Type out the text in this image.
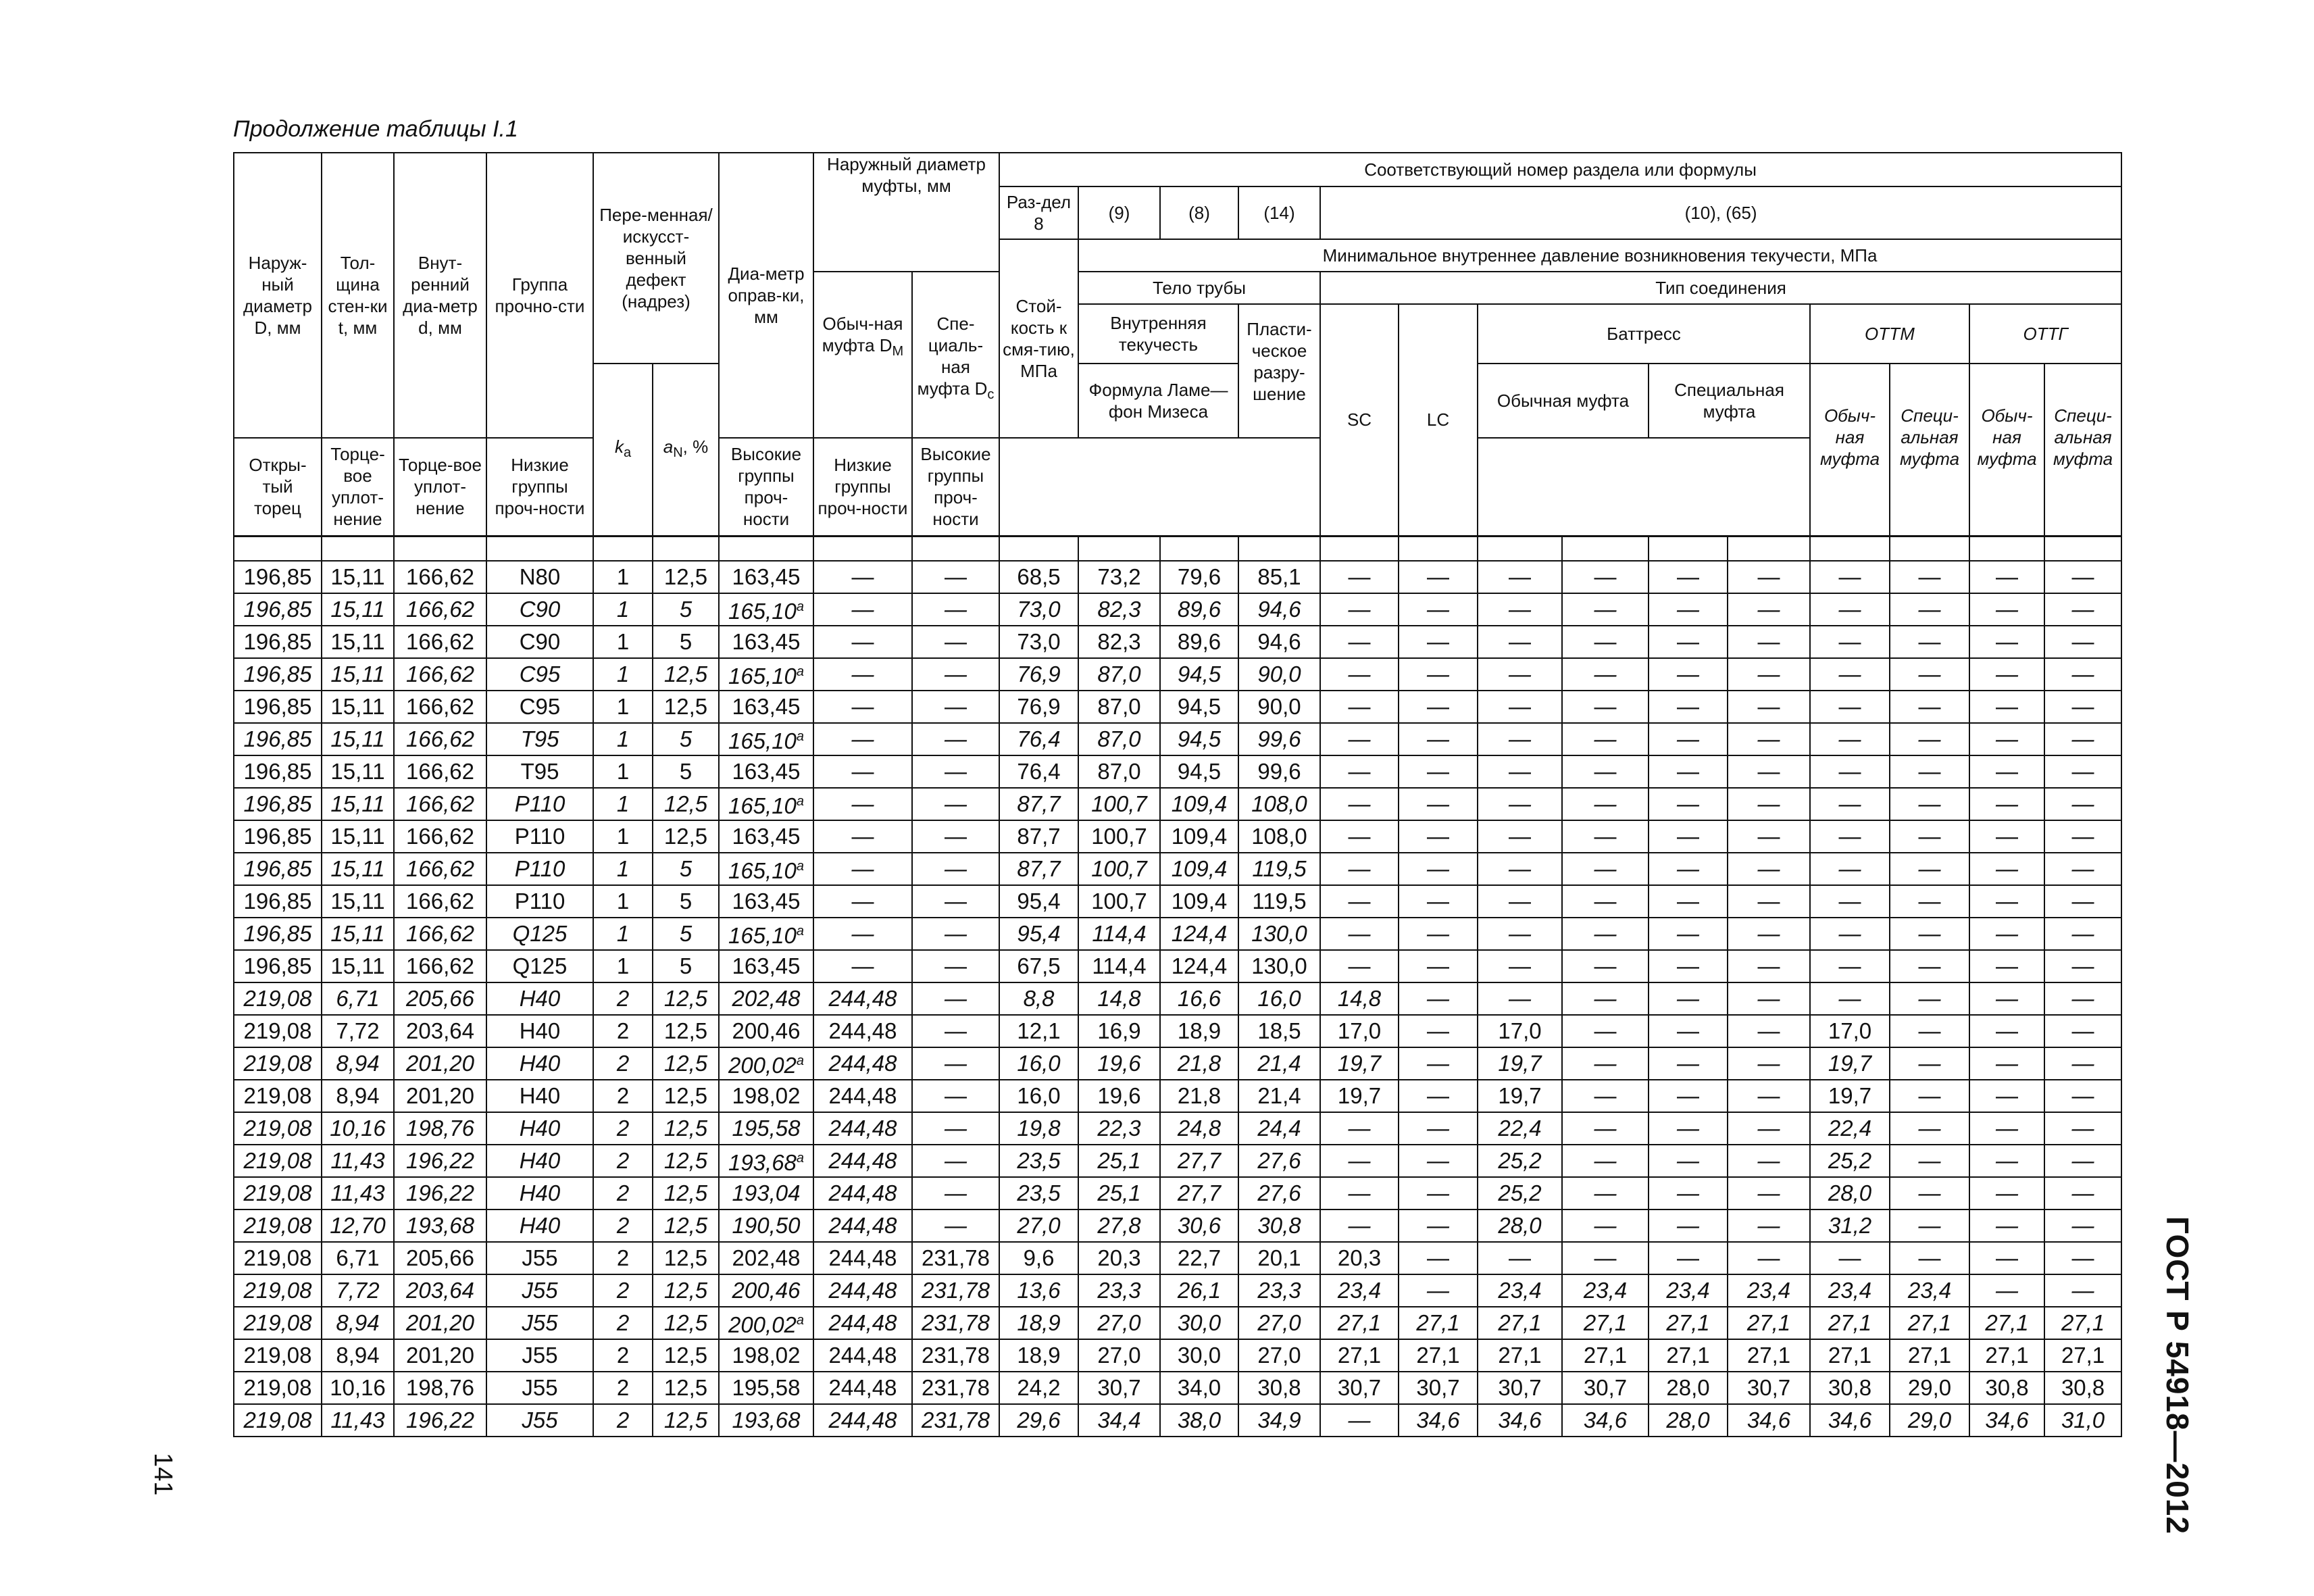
Продолжение таблицы I.1
Наруж-ный диаметр D, мм	Тол-щина стен-ки t, мм	Внут-ренний диа-метр d, мм	Группа прочно-сти	Пере-менная/ искусст-венный дефект (надрез)		Диа-метр оправ-ки, мм	Наружный диаметр муфты, мм		Соответствующий номер раздела или формулы													
									Раз-дел 8	(9)	(8)	(14)	(10), (65)									
									Стой-кость к смя-тию, МПа	Минимальное внутреннее давление возникновения текучести, МПа												
							Обыч-ная муфта $D_М$	Спе-циаль-ная муфта $D_с$		Тело трубы			Тип соединения									
										Внутренняя текучесть		Пласти-ческое разру-шение	SC	LC	Баттресс				ОТТМ		ОТТГ	
				$k_a$	$a_N$, %					Формула Ламе—фон Мизеса					Обычная муфта		Специальная муфта		Обыч-ная муфта	Специ-альная муфта	Обыч-ная муфта	Специ-альная муфта
Откры-тый торец	Торце-вое уплот-нение	Торце-вое уплот-нение	Низкие группы проч-ности			Высокие группы проч-ности	Низкие группы проч-ности	Высокие группы проч-ности														

196,85	15,11	166,62	N80	1	12,5	163,45	—	—	68,5	73,2	79,6	85,1	—	—	—	—	—	—	—	—	—	—
196,85	15,11	166,62	C90	1	5	165,10$^a$	—	—	73,0	82,3	89,6	94,6	—	—	—	—	—	—	—	—	—	—
196,85	15,11	166,62	C90	1	5	163,45	—	—	73,0	82,3	89,6	94,6	—	—	—	—	—	—	—	—	—	—
196,85	15,11	166,62	C95	1	12,5	165,10$^a$	—	—	76,9	87,0	94,5	90,0	—	—	—	—	—	—	—	—	—	—
196,85	15,11	166,62	C95	1	12,5	163,45	—	—	76,9	87,0	94,5	90,0	—	—	—	—	—	—	—	—	—	—
196,85	15,11	166,62	T95	1	5	165,10$^a$	—	—	76,4	87,0	94,5	99,6	—	—	—	—	—	—	—	—	—	—
196,85	15,11	166,62	T95	1	5	163,45	—	—	76,4	87,0	94,5	99,6	—	—	—	—	—	—	—	—	—	—
196,85	15,11	166,62	P110	1	12,5	165,10$^a$	—	—	87,7	100,7	109,4	108,0	—	—	—	—	—	—	—	—	—	—
196,85	15,11	166,62	P110	1	12,5	163,45	—	—	87,7	100,7	109,4	108,0	—	—	—	—	—	—	—	—	—	—
196,85	15,11	166,62	P110	1	5	165,10$^a$	—	—	87,7	100,7	109,4	119,5	—	—	—	—	—	—	—	—	—	—
196,85	15,11	166,62	P110	1	5	163,45	—	—	95,4	100,7	109,4	119,5	—	—	—	—	—	—	—	—	—	—
196,85	15,11	166,62	Q125	1	5	165,10$^a$	—	—	95,4	114,4	124,4	130,0	—	—	—	—	—	—	—	—	—	—
196,85	15,11	166,62	Q125	1	5	163,45	—	—	67,5	114,4	124,4	130,0	—	—	—	—	—	—	—	—	—	—
219,08	6,71	205,66	H40	2	12,5	202,48	244,48	—	8,8	14,8	16,6	16,0	14,8	—	—	—	—	—	—	—	—	—
219,08	7,72	203,64	H40	2	12,5	200,46	244,48	—	12,1	16,9	18,9	18,5	17,0	—	17,0	—	—	—	17,0	—	—	—
219,08	8,94	201,20	H40	2	12,5	200,02$^a$	244,48	—	16,0	19,6	21,8	21,4	19,7	—	19,7	—	—	—	19,7	—	—	—
219,08	8,94	201,20	H40	2	12,5	198,02	244,48	—	16,0	19,6	21,8	21,4	19,7	—	19,7	—	—	—	19,7	—	—	—
219,08	10,16	198,76	H40	2	12,5	195,58	244,48	—	19,8	22,3	24,8	24,4	—	—	22,4	—	—	—	22,4	—	—	—
219,08	11,43	196,22	H40	2	12,5	193,68$^a$	244,48	—	23,5	25,1	27,7	27,6	—	—	25,2	—	—	—	25,2	—	—	—
219,08	11,43	196,22	H40	2	12,5	193,04	244,48	—	23,5	25,1	27,7	27,6	—	—	25,2	—	—	—	28,0	—	—	—
219,08	12,70	193,68	H40	2	12,5	190,50	244,48	—	27,0	27,8	30,6	30,8	—	—	28,0	—	—	—	31,2	—	—	—
219,08	6,71	205,66	J55	2	12,5	202,48	244,48	231,78	9,6	20,3	22,7	20,1	20,3	—	—	—	—	—	—	—	—	—
219,08	7,72	203,64	J55	2	12,5	200,46	244,48	231,78	13,6	23,3	26,1	23,3	23,4	—	23,4	23,4	23,4	23,4	23,4	23,4	—	—
219,08	8,94	201,20	J55	2	12,5	200,02$^a$	244,48	231,78	18,9	27,0	30,0	27,0	27,1	27,1	27,1	27,1	27,1	27,1	27,1	27,1	27,1	27,1
219,08	8,94	201,20	J55	2	12,5	198,02	244,48	231,78	18,9	27,0	30,0	27,0	27,1	27,1	27,1	27,1	27,1	27,1	27,1	27,1	27,1	27,1
219,08	10,16	198,76	J55	2	12,5	195,58	244,48	231,78	24,2	30,7	34,0	30,8	30,7	30,7	30,7	30,7	28,0	30,7	30,8	29,0	30,8	30,8
219,08	11,43	196,22	J55	2	12,5	193,68	244,48	231,78	29,6	34,4	38,0	34,9	—	34,6	34,6	34,6	28,0	34,6	34,6	29,0	34,6	31,0 ГОСТ Р 54918—2012
141
